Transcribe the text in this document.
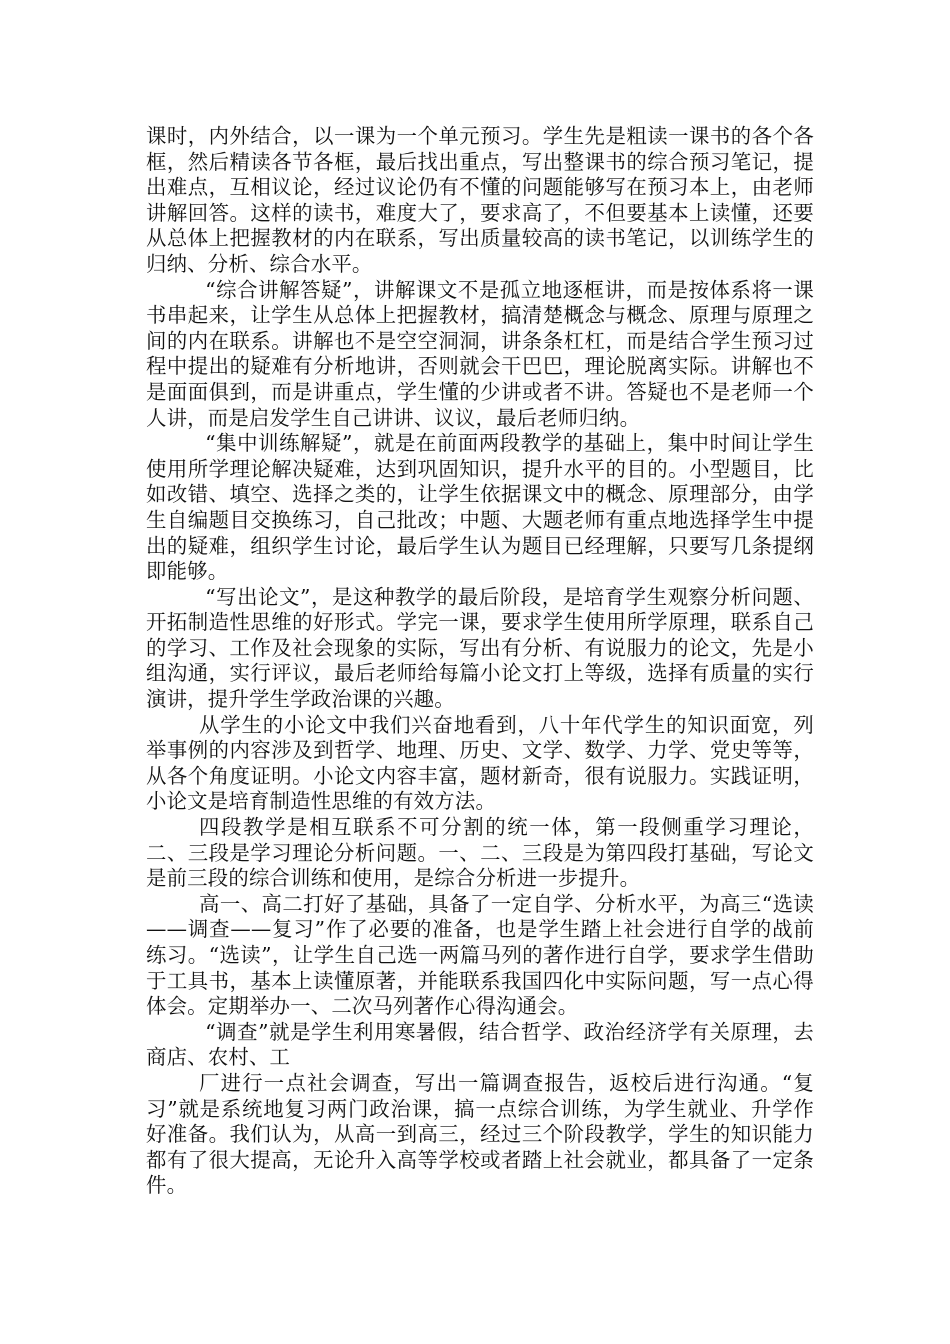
课时，内外结合，以一课为一个单元预习。学生先是粗读一课书的各个各框，然后精读各节各框，最后找出重点，写出整课书的综合预习笔记，提出难点，互相议论，经过议论仍有不懂的问题能够写在预习本上，由老师讲解回答。这样的读书，难度大了，要求高了，不但要基本上读懂，还要从总体上把握教材的内在联系，写出质量较高的读书笔记，以训练学生的归纳、分析、综合水平。

“综合讲解答疑”，讲解课文不是孤立地逐框讲，而是按体系将一课书串起来，让学生从总体上把握教材，搞清楚概念与概念、原理与原理之间的内在联系。讲解也不是空空洞洞，讲条条杠杠，而是结合学生预习过程中提出的疑难有分析地讲，否则就会干巴巴，理论脱离实际。讲解也不是面面俱到，而是讲重点，学生懂的少讲或者不讲。答疑也不是老师一个人讲，而是启发学生自己讲讲、议议，最后老师归纳。

“集中训练解疑”，就是在前面两段教学的基础上，集中时间让学生使用所学理论解决疑难，达到巩固知识，提升水平的目的。小型题目，比如改错、填空、选择之类的，让学生依据课文中的概念、原理部分，由学生自编题目交换练习，自己批改；中题、大题老师有重点地选择学生中提出的疑难，组织学生讨论，最后学生认为题目已经理解，只要写几条提纲即能够。

“写出论文”，是这种教学的最后阶段，是培育学生观察分析问题、开拓制造性思维的好形式。学完一课，要求学生使用所学原理，联系自己的学习、工作及社会现象的实际，写出有分析、有说服力的论文，先是小组沟通，实行评议，最后老师给每篇小论文打上等级，选择有质量的实行演讲，提升学生学政治课的兴趣。

从学生的小论文中我们兴奋地看到，八十年代学生的知识面宽，列举事例的内容涉及到哲学、地理、历史、文学、数学、力学、党史等等，从各个角度证明。小论文内容丰富，题材新奇，很有说服力。实践证明，小论文是培育制造性思维的有效方法。

四段教学是相互联系不可分割的统一体，第一段侧重学习理论，二、三段是学习理论分析问题。一、二、三段是为第四段打基础，写论文是前三段的综合训练和使用，是综合分析进一步提升。

高一、高二打好了基础，具备了一定自学、分析水平，为高三“选读——调查——复习”作了必要的准备，也是学生踏上社会进行自学的战前练习。“选读”，让学生自己选一两篇马列的著作进行自学，要求学生借助于工具书，基本上读懂原著，并能联系我国四化中实际问题，写一点心得体会。定期举办一、二次马列著作心得沟通会。

“调查”就是学生利用寒暑假，结合哲学、政治经济学有关原理，去商店、农村、工

厂进行一点社会调查，写出一篇调查报告，返校后进行沟通。“复习”就是系统地复习两门政治课，搞一点综合训练，为学生就业、升学作好准备。我们认为，从高一到高三，经过三个阶段教学，学生的知识能力都有了很大提高，无论升入高等学校或者踏上社会就业，都具备了一定条件。
